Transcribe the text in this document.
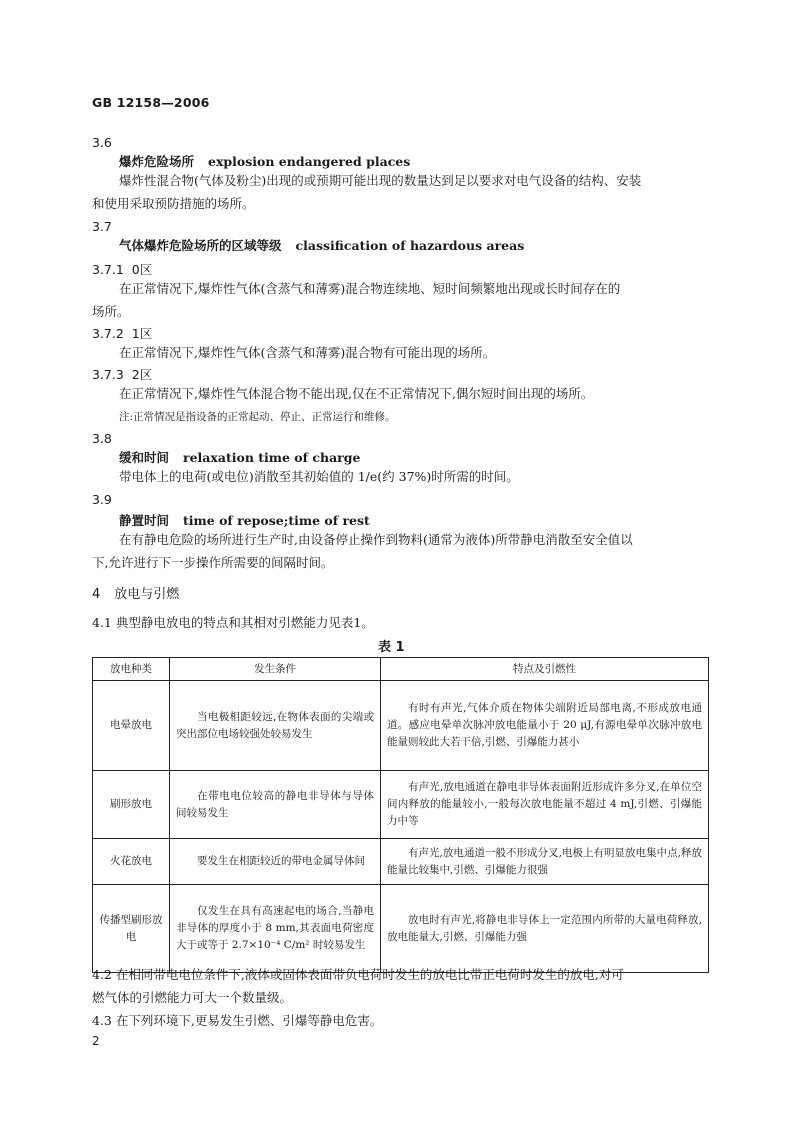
GB 12158—2006
3.6
爆炸危险场所 explosion endangered places
爆炸性混合物(气体及粉尘)出现的或预期可能出现的数量达到足以要求对电气设备的结构、安装
和使用采取预防措施的场所。
3.7
气体爆炸危险场所的区域等级 classification of hazardous areas
3.7.1 0区
在正常情况下,爆炸性气体(含蒸气和薄雾)混合物连续地、短时间频繁地出现或长时间存在的
场所。
3.7.2 1区
在正常情况下,爆炸性气体(含蒸气和薄雾)混合物有可能出现的场所。
3.7.3 2区
在正常情况下,爆炸性气体混合物不能出现,仅在不正常情况下,偶尔短时间出现的场所。
注:正常情况是指设备的正常起动、停止、正常运行和维修。
3.8
缓和时间 relaxation time of charge
带电体上的电荷(或电位)消散至其初始值的 1/e(约 37%)时所需的时间。
3.9
静置时间 time of repose;time of rest
在有静电危险的场所进行生产时,由设备停止操作到物料(通常为液体)所带静电消散至安全值以
下,允许进行下一步操作所需要的间隔时间。
4 放电与引燃
4.1 典型静电放电的特点和其相对引燃能力见表1。
表 1
放电种类	发生条件	特点及引燃性
电晕放电	当电极相距较远,在物体表面的尖端或突出部位电场较强处较易发生	有时有声光,气体介质在物体尖端附近局部电离,不形成放电通道。感应电晕单次脉冲放电能量小于 20 μJ,有源电晕单次脉冲放电能量则较此大若干倍,引燃、引爆能力甚小
刷形放电	在带电电位较高的静电非导体与导体间较易发生	有声光,放电通道在静电非导体表面附近形成许多分叉,在单位空间内释放的能量较小,一般每次放电能量不超过 4 mJ,引燃、引爆能力中等
火花放电	要发生在相距较近的带电金属导体间	有声光,放电通道一般不形成分叉,电极上有明显放电集中点,释放能量比较集中,引燃、引爆能力很强
传播型刷形放电	仅发生在具有高速起电的场合,当静电非导体的厚度小于 8 mm,其表面电荷密度大于或等于 2.7×10⁻⁴ C/m² 时较易发生	放电时有声光,将静电非导体上一定范围内所带的大量电荷释放,放电能量大,引燃、引爆能力强
4.2 在相同带电电位条件下,液体或固体表面带负电荷时发生的放电比带正电荷时发生的放电,对可
燃气体的引燃能力可大一个数量级。
4.3 在下列环境下,更易发生引燃、引爆等静电危害。
2
